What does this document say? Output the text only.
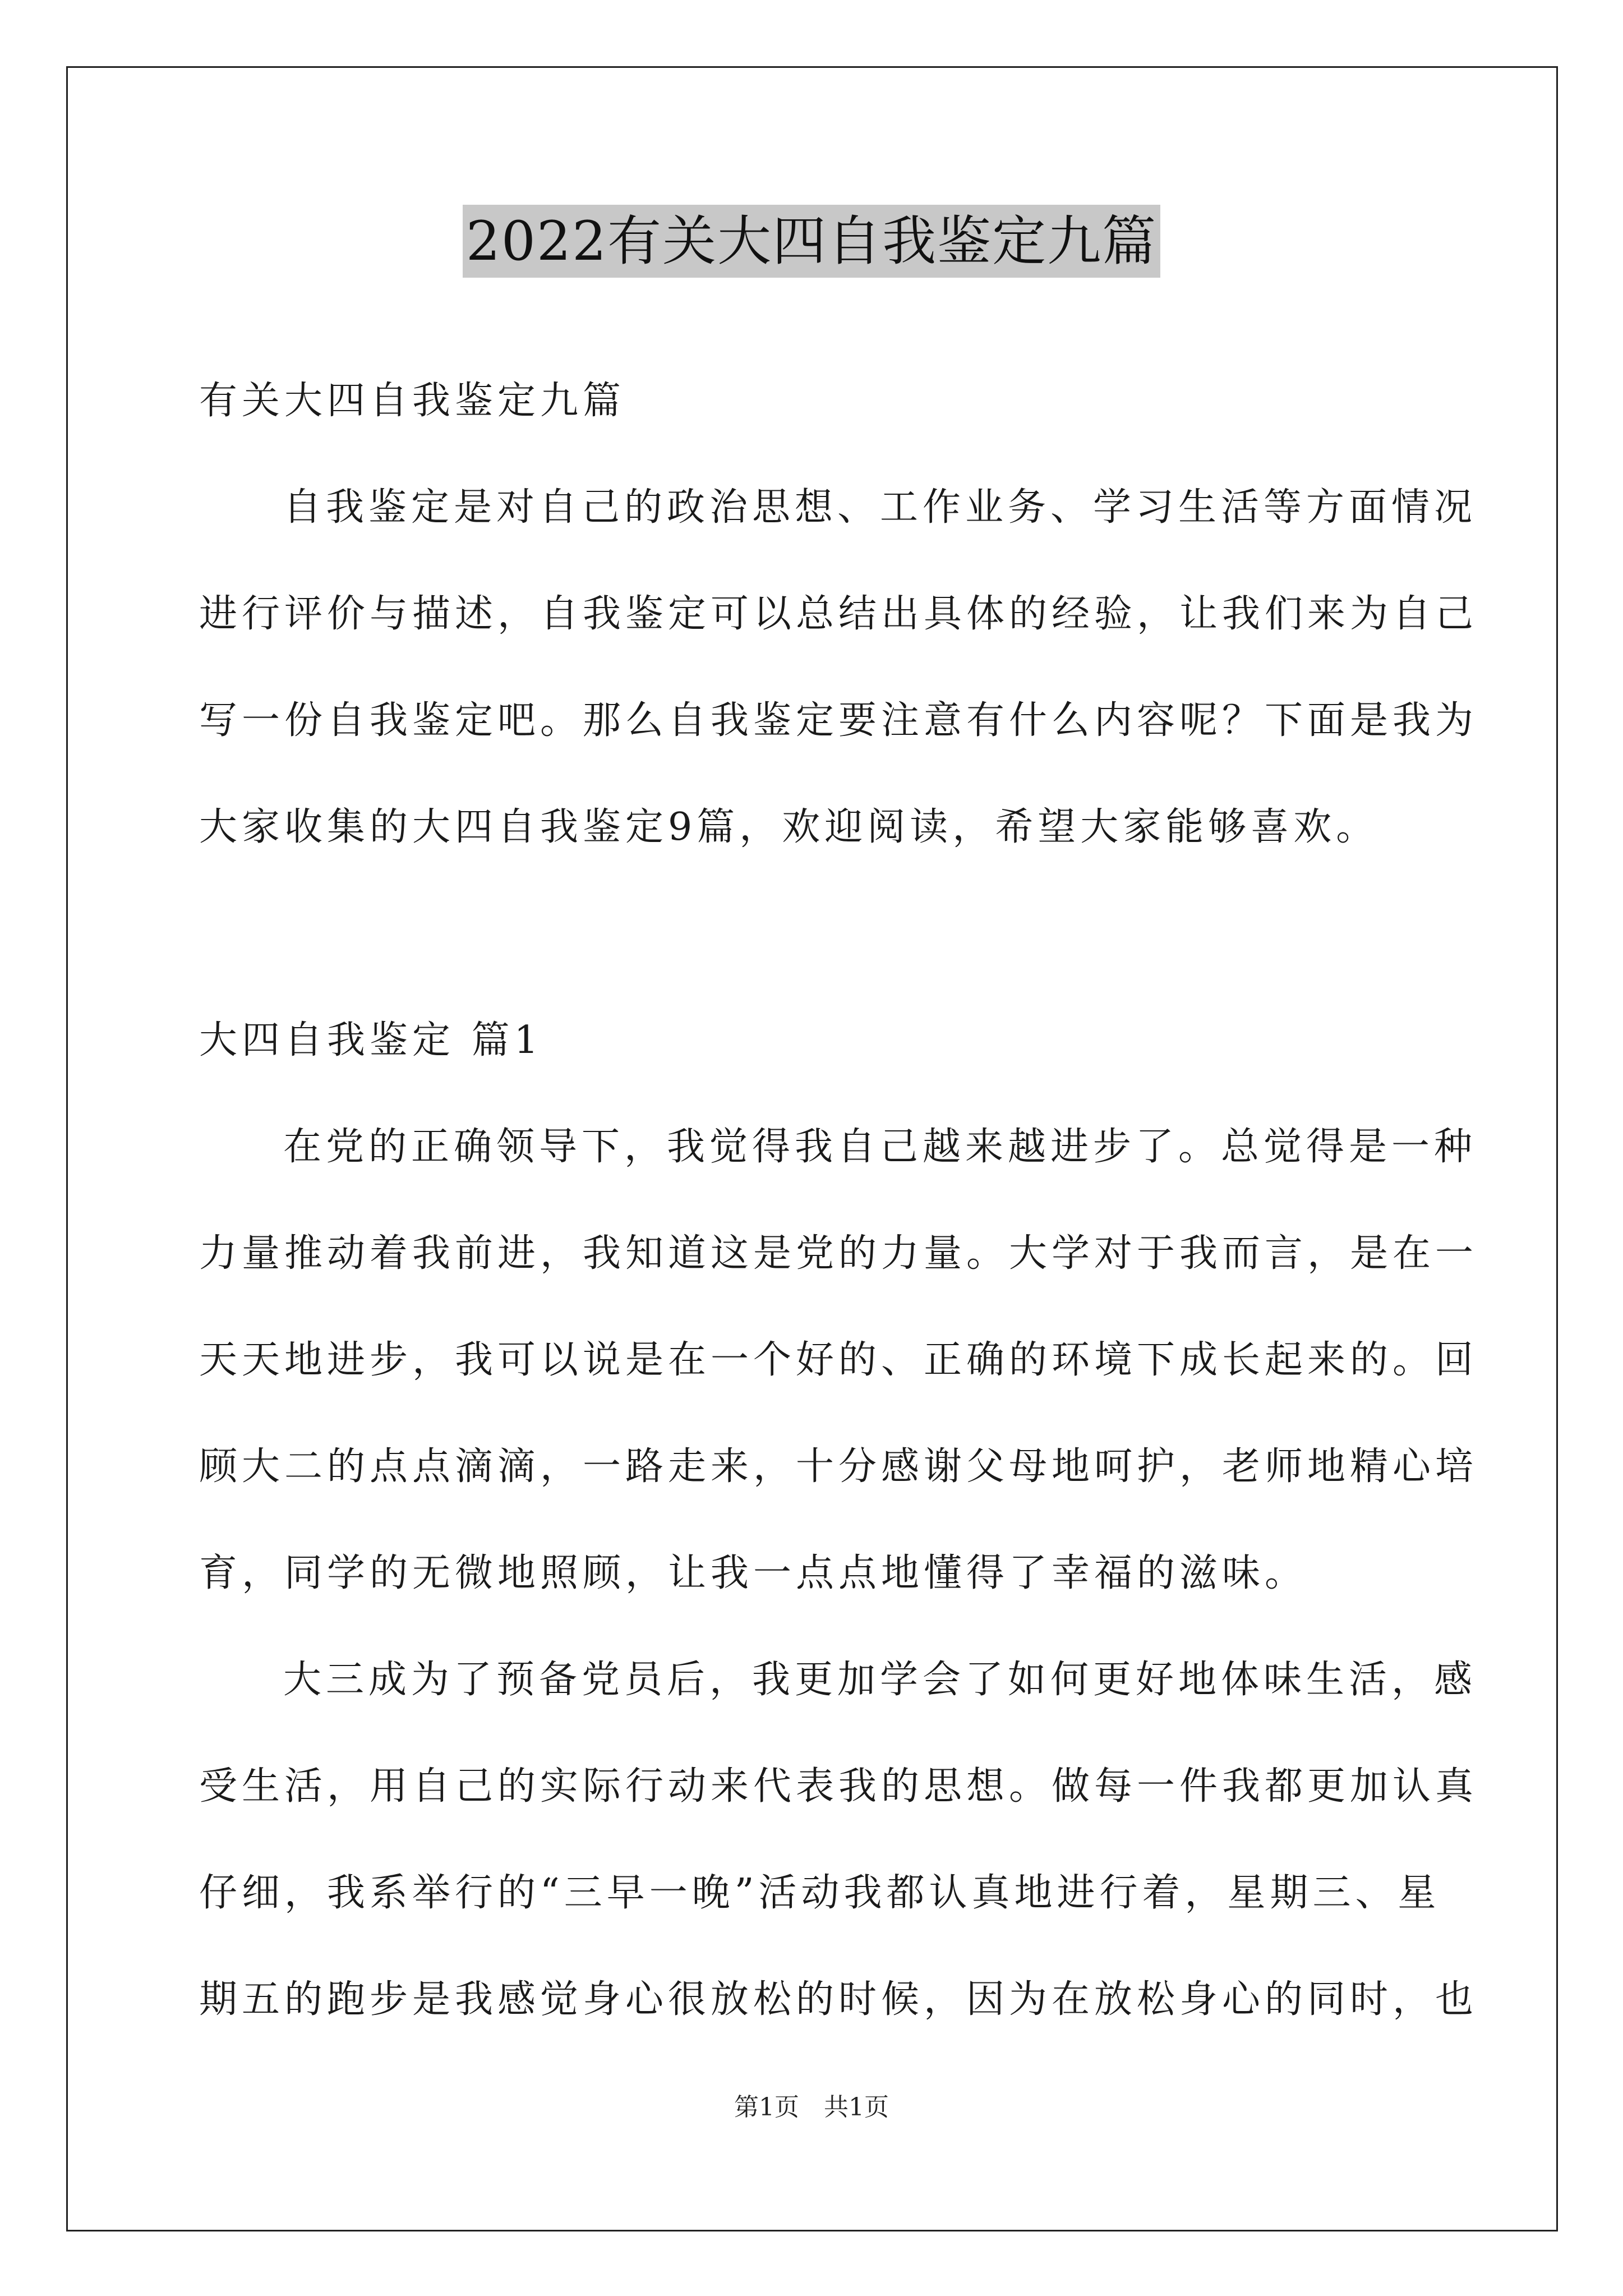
2022有关大四自我鉴定九篇
有关大四自我鉴定九篇
自我鉴定是对自己的政治思想、工作业务、学习生活等方面情况
进行评价与描述，自我鉴定可以总结出具体的经验，让我们来为自己
写一份自我鉴定吧。那么自我鉴定要注意有什么内容呢？下面是我为
大家收集的大四自我鉴定9篇，欢迎阅读，希望大家能够喜欢。
大四自我鉴定 篇1
在党的正确领导下，我觉得我自己越来越进步了。总觉得是一种
力量推动着我前进，我知道这是党的力量。大学对于我而言，是在一
天天地进步，我可以说是在一个好的、正确的环境下成长起来的。回
顾大二的点点滴滴，一路走来，十分感谢父母地呵护，老师地精心培
育，同学的无微地照顾，让我一点点地懂得了幸福的滋味。
大三成为了预备党员后，我更加学会了如何更好地体味生活，感
受生活，用自己的实际行动来代表我的思想。做每一件我都更加认真
仔细，我系举行的“三早一晚”活动我都认真地进行着，星期三、星
期五的跑步是我感觉身心很放松的时候，因为在放松身心的同时，也
第1页　共1页
